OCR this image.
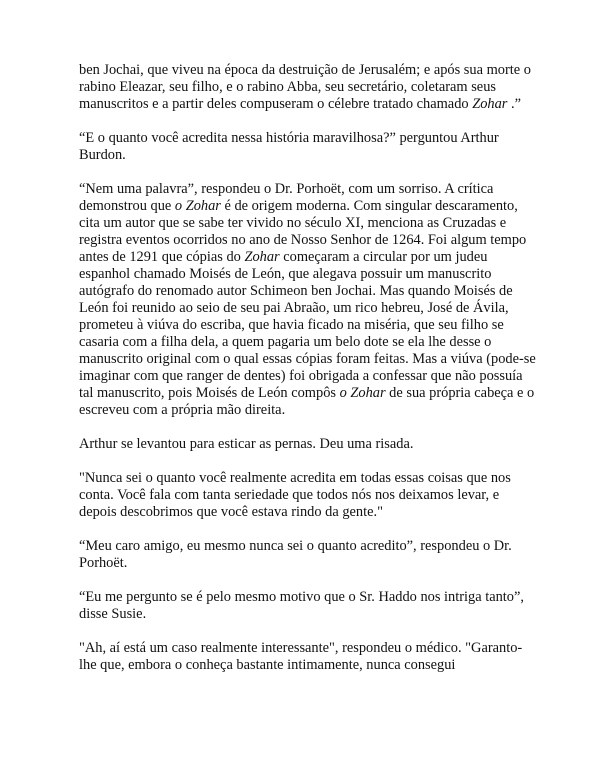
ben Jochai, que viveu na época da destruição de Jerusalém; e após sua morte o rabino Eleazar, seu filho, e o rabino Abba, seu secretário, coletaram seus manuscritos e a partir deles compuseram o célebre tratado chamado Zohar .”

“E o quanto você acredita nessa história maravilhosa?” perguntou Arthur Burdon.

“Nem uma palavra”, respondeu o Dr. Porhoët, com um sorriso. A crítica demonstrou que o Zohar é de origem moderna. Com singular descaramento, cita um autor que se sabe ter vivido no século XI, menciona as Cruzadas e registra eventos ocorridos no ano de Nosso Senhor de 1264. Foi algum tempo antes de 1291 que cópias do Zohar começaram a circular por um judeu espanhol chamado Moisés de León, que alegava possuir um manuscrito autógrafo do renomado autor Schimeon ben Jochai. Mas quando Moisés de León foi reunido ao seio de seu pai Abraão, um rico hebreu, José de Ávila, prometeu à viúva do escriba, que havia ficado na miséria, que seu filho se casaria com a filha dela, a quem pagaria um belo dote se ela lhe desse o manuscrito original com o qual essas cópias foram feitas. Mas a viúva (pode-se imaginar com que ranger de dentes) foi obrigada a confessar que não possuía tal manuscrito, pois Moisés de León compôs o Zohar de sua própria cabeça e o escreveu com a própria mão direita.

Arthur se levantou para esticar as pernas. Deu uma risada.

"Nunca sei o quanto você realmente acredita em todas essas coisas que nos conta. Você fala com tanta seriedade que todos nós nos deixamos levar, e depois descobrimos que você estava rindo da gente."

“Meu caro amigo, eu mesmo nunca sei o quanto acredito”, respondeu o Dr. Porhoët.

“Eu me pergunto se é pelo mesmo motivo que o Sr. Haddo nos intriga tanto”, disse Susie.

"Ah, aí está um caso realmente interessante", respondeu o médico. "Garanto-lhe que, embora o conheça bastante intimamente, nunca consegui
